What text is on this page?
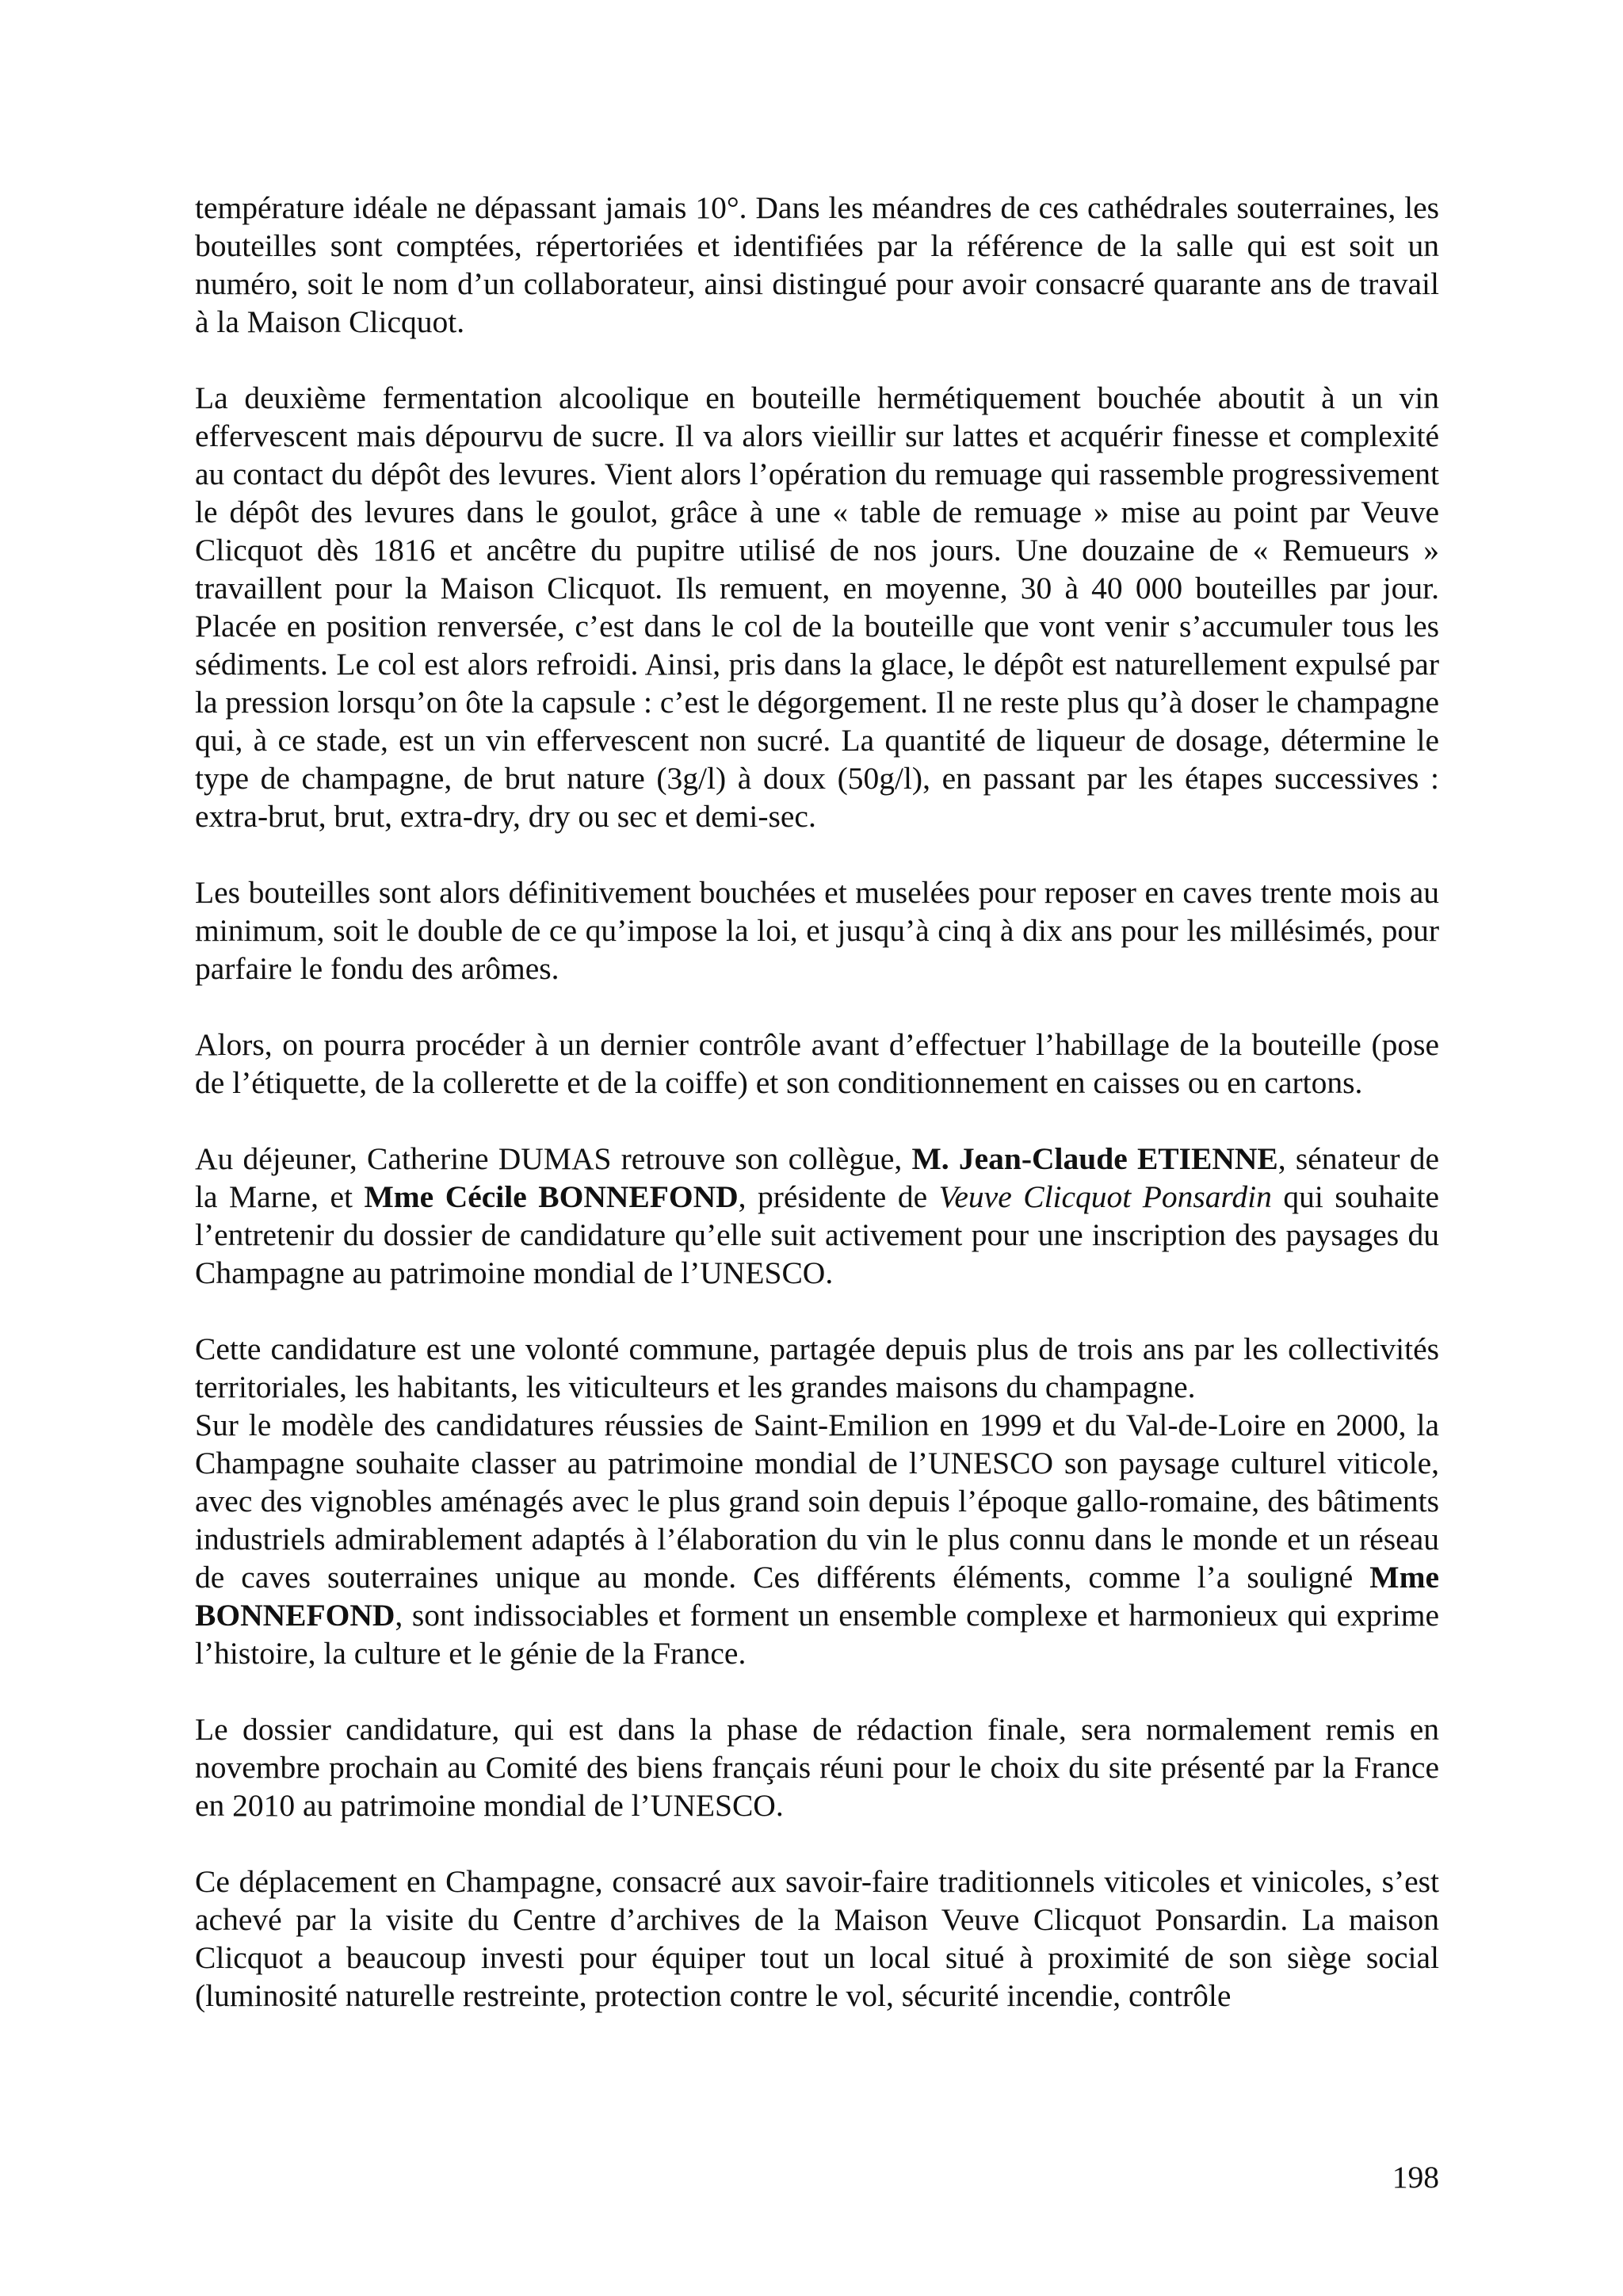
température idéale ne dépassant jamais 10°. Dans les méandres de ces cathédrales souterraines, les bouteilles sont comptées, répertoriées et identifiées par la référence de la salle qui est soit un numéro, soit le nom d’un collaborateur, ainsi distingué pour avoir consacré quarante ans de travail à la Maison Clicquot.

La deuxième fermentation alcoolique en bouteille hermétiquement bouchée aboutit à un vin effervescent mais dépourvu de sucre. Il va alors vieillir sur lattes et acquérir finesse et complexité au contact du dépôt des levures. Vient alors l’opération du remuage qui rassemble progressivement le dépôt des levures dans le goulot, grâce à une « table de remuage » mise au point par Veuve Clicquot dès 1816 et ancêtre du pupitre utilisé de nos jours. Une douzaine de « Remueurs » travaillent pour la Maison Clicquot. Ils remuent, en moyenne, 30 à 40 000 bouteilles par jour. Placée en position renversée, c’est dans le col de la bouteille que vont venir s’accumuler tous les sédiments. Le col est alors refroidi. Ainsi, pris dans la glace, le dépôt est naturellement expulsé par la pression lorsqu’on ôte la capsule : c’est le dégorgement. Il ne reste plus qu’à doser le champagne qui, à ce stade, est un vin effervescent non sucré. La quantité de liqueur de dosage, détermine le type de champagne, de brut nature (3g/l) à doux (50g/l), en passant par les étapes successives : extra-brut, brut, extra-dry, dry ou sec et demi-sec.

Les bouteilles sont alors définitivement bouchées et muselées pour reposer en caves trente mois au minimum, soit le double de ce qu’impose la loi, et jusqu’à cinq à dix ans pour les millésimés, pour parfaire le fondu des arômes.

Alors, on pourra procéder à un dernier contrôle avant d’effectuer l’habillage de la bouteille (pose de l’étiquette, de la collerette et de la coiffe) et son conditionnement en caisses ou en cartons.

Au déjeuner, Catherine DUMAS retrouve son collègue, M. Jean-Claude ETIENNE, sénateur de la Marne, et Mme Cécile BONNEFOND, présidente de Veuve Clicquot Ponsardin qui souhaite l’entretenir du dossier de candidature qu’elle suit activement pour une inscription des paysages du Champagne au patrimoine mondial de l’UNESCO.

Cette candidature est une volonté commune, partagée depuis plus de trois ans par les collectivités territoriales, les habitants, les viticulteurs et les grandes maisons du champagne.

Sur le modèle des candidatures réussies de Saint-Emilion en 1999 et du Val-de-Loire en 2000, la Champagne souhaite classer au patrimoine mondial de l’UNESCO son paysage culturel viticole, avec des vignobles aménagés avec le plus grand soin depuis l’époque gallo-romaine, des bâtiments industriels admirablement adaptés à l’élaboration du vin le plus connu dans le monde et un réseau de caves souterraines unique au monde. Ces différents éléments, comme l’a souligné Mme BONNEFOND, sont indissociables et forment un ensemble complexe et harmonieux qui exprime l’histoire, la culture et le génie de la France.

Le dossier candidature, qui est dans la phase de rédaction finale, sera normalement remis en novembre prochain au Comité des biens français réuni pour le choix du site présenté par la France en 2010 au patrimoine mondial de l’UNESCO.

Ce déplacement en Champagne, consacré aux savoir-faire traditionnels viticoles et vinicoles, s’est achevé par la visite du Centre d’archives de la Maison Veuve Clicquot Ponsardin. La maison Clicquot a beaucoup investi pour équiper tout un local situé à proximité de son siège social (luminosité naturelle restreinte, protection contre le vol, sécurité incendie, contrôle

198
